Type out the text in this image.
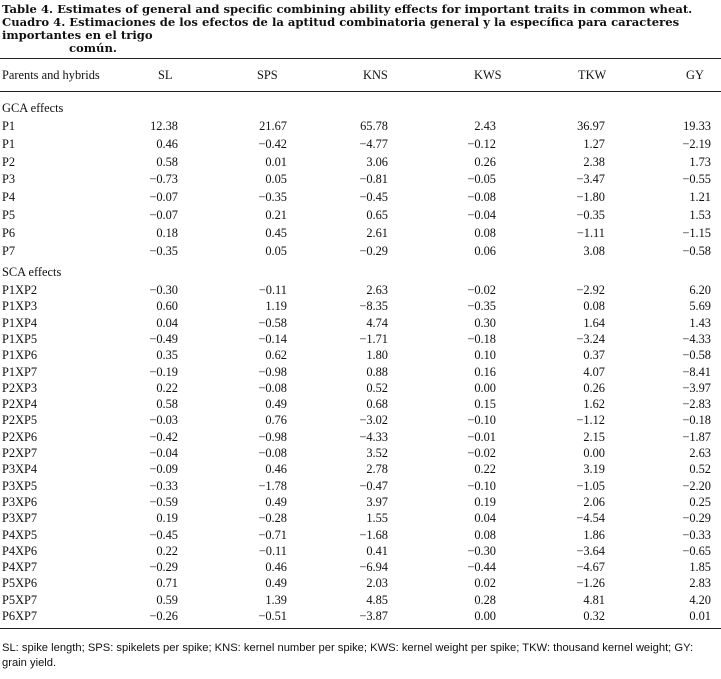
Table 4. Estimates of general and specific combining ability effects for important traits in common wheat.
Cuadro 4. Estimaciones de los efectos de la aptitud combinatoria general y la específica para caracteres importantes en el trigo
común.
Parents and hybrids	SL	SPS	KNS	KWS	TKW	GY
GCA effects
P1	12.38	21.67	65.78	2.43	36.97	19.33
P1	0.46	−0.42	−4.77	−0.12	1.27	−2.19
P2	0.58	0.01	3.06	0.26	2.38	1.73
P3	−0.73	0.05	−0.81	−0.05	−3.47	−0.55
P4	−0.07	−0.35	−0.45	−0.08	−1.80	1.21
P5	−0.07	0.21	0.65	−0.04	−0.35	1.53
P6	0.18	0.45	2.61	0.08	−1.11	−1.15
P7	−0.35	0.05	−0.29	0.06	3.08	−0.58
SCA effects
P1XP2	−0.30	−0.11	2.63	−0.02	−2.92	6.20
P1XP3	0.60	1.19	−8.35	−0.35	0.08	5.69
P1XP4	0.04	−0.58	4.74	0.30	1.64	1.43
P1XP5	−0.49	−0.14	−1.71	−0.18	−3.24	−4.33
P1XP6	0.35	0.62	1.80	0.10	0.37	−0.58
P1XP7	−0.19	−0.98	0.88	0.16	4.07	−8.41
P2XP3	0.22	−0.08	0.52	0.00	0.26	−3.97
P2XP4	0.58	0.49	0.68	0.15	1.62	−2.83
P2XP5	−0.03	0.76	−3.02	−0.10	−1.12	−0.18
P2XP6	−0.42	−0.98	−4.33	−0.01	2.15	−1.87
P2XP7	−0.04	−0.08	3.52	−0.02	0.00	2.63
P3XP4	−0.09	0.46	2.78	0.22	3.19	0.52
P3XP5	−0.33	−1.78	−0.47	−0.10	−1.05	−2.20
P3XP6	−0.59	0.49	3.97	0.19	2.06	0.25
P3XP7	0.19	−0.28	1.55	0.04	−4.54	−0.29
P4XP5	−0.45	−0.71	−1.68	0.08	1.86	−0.33
P4XP6	0.22	−0.11	0.41	−0.30	−3.64	−0.65
P4XP7	−0.29	0.46	−6.94	−0.44	−4.67	1.85
P5XP6	0.71	0.49	2.03	0.02	−1.26	2.83
P5XP7	0.59	1.39	4.85	0.28	4.81	4.20
P6XP7	−0.26	−0.51	−3.87	0.00	0.32	0.01
SL: spike length; SPS: spikelets per spike; KNS: kernel number per spike; KWS: kernel weight per spike; TKW: thousand kernel weight; GY: grain yield.
